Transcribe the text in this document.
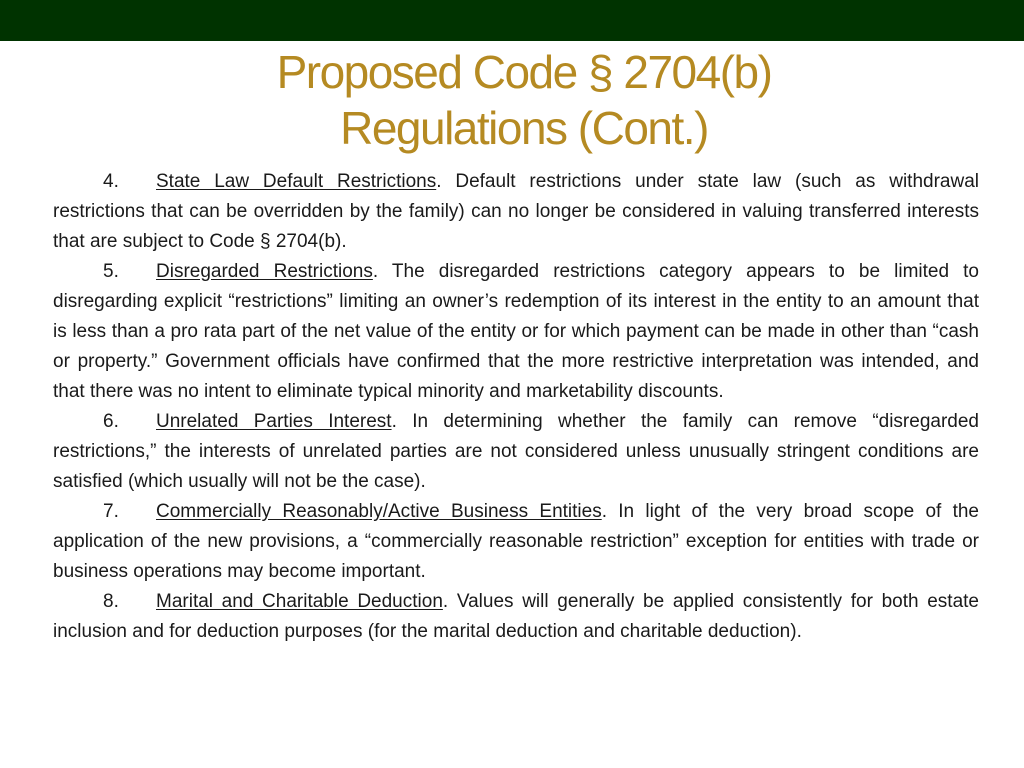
Proposed Code § 2704(b)
Regulations (Cont.)

4. State Law Default Restrictions. Default restrictions under state law (such as withdrawal restrictions that can be overridden by the family) can no longer be considered in valuing transferred interests that are subject to Code § 2704(b).

5. Disregarded Restrictions. The disregarded restrictions category appears to be limited to disregarding explicit “restrictions” limiting an owner’s redemption of its interest in the entity to an amount that is less than a pro rata part of the net value of the entity or for which payment can be made in other than “cash or property.” Government officials have confirmed that the more restrictive interpretation was intended, and that there was no intent to eliminate typical minority and marketability discounts.

6. Unrelated Parties Interest. In determining whether the family can remove “disregarded restrictions,” the interests of unrelated parties are not considered unless unusually stringent conditions are satisfied (which usually will not be the case).

7. Commercially Reasonably/Active Business Entities. In light of the very broad scope of the application of the new provisions, a “commercially reasonable restriction” exception for entities with trade or business operations may become important.

8. Marital and Charitable Deduction. Values will generally be applied consistently for both estate inclusion and for deduction purposes (for the marital deduction and charitable deduction).
